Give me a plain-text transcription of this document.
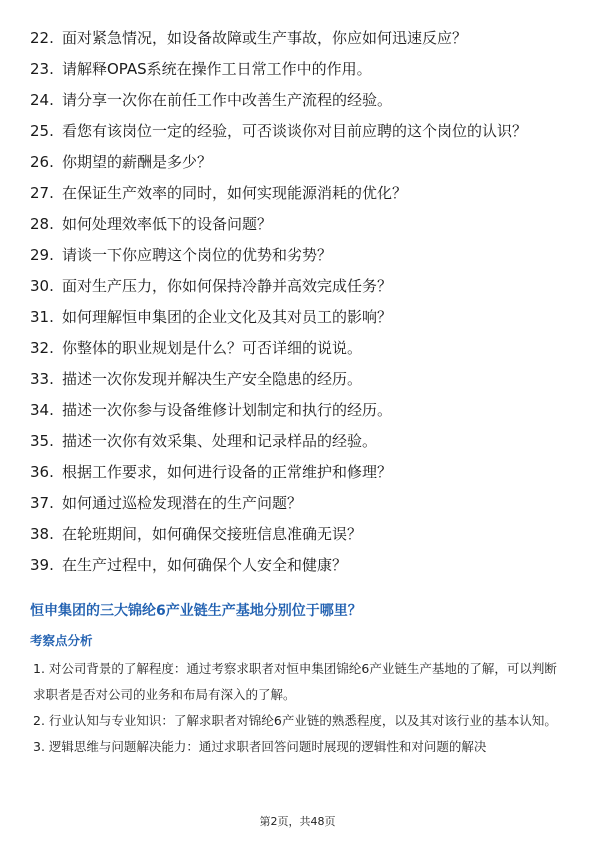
22. 面对紧急情况，如设备故障或生产事故，你应如何迅速反应？
23. 请解释OPAS系统在操作工日常工作中的作用。
24. 请分享一次你在前任工作中改善生产流程的经验。
25. 看您有该岗位一定的经验，可否谈谈你对目前应聘的这个岗位的认识？
26. 你期望的薪酬是多少？
27. 在保证生产效率的同时，如何实现能源消耗的优化？
28. 如何处理效率低下的设备问题？
29. 请谈一下你应聘这个岗位的优势和劣势？
30. 面对生产压力，你如何保持冷静并高效完成任务？
31. 如何理解恒申集团的企业文化及其对员工的影响？
32. 你整体的职业规划是什么？可否详细的说说。
33. 描述一次你发现并解决生产安全隐患的经历。
34. 描述一次你参与设备维修计划制定和执行的经历。
35. 描述一次你有效采集、处理和记录样品的经验。
36. 根据工作要求，如何进行设备的正常维护和修理？
37. 如何通过巡检发现潜在的生产问题？
38. 在轮班期间，如何确保交接班信息准确无误？
39. 在生产过程中，如何确保个人安全和健康？
恒申集团的三大锦纶6产业链生产基地分别位于哪里？
考察点分析
1. 对公司背景的了解程度：通过考察求职者对恒申集团锦纶6产业链生产基地的了解，可以判断求职者是否对公司的业务和布局有深入的了解。
2. 行业认知与专业知识：了解求职者对锦纶6产业链的熟悉程度，以及其对该行业的基本认知。
3. 逻辑思维与问题解决能力：通过求职者回答问题时展现的逻辑性和对问题的解决
第2页，共48页
